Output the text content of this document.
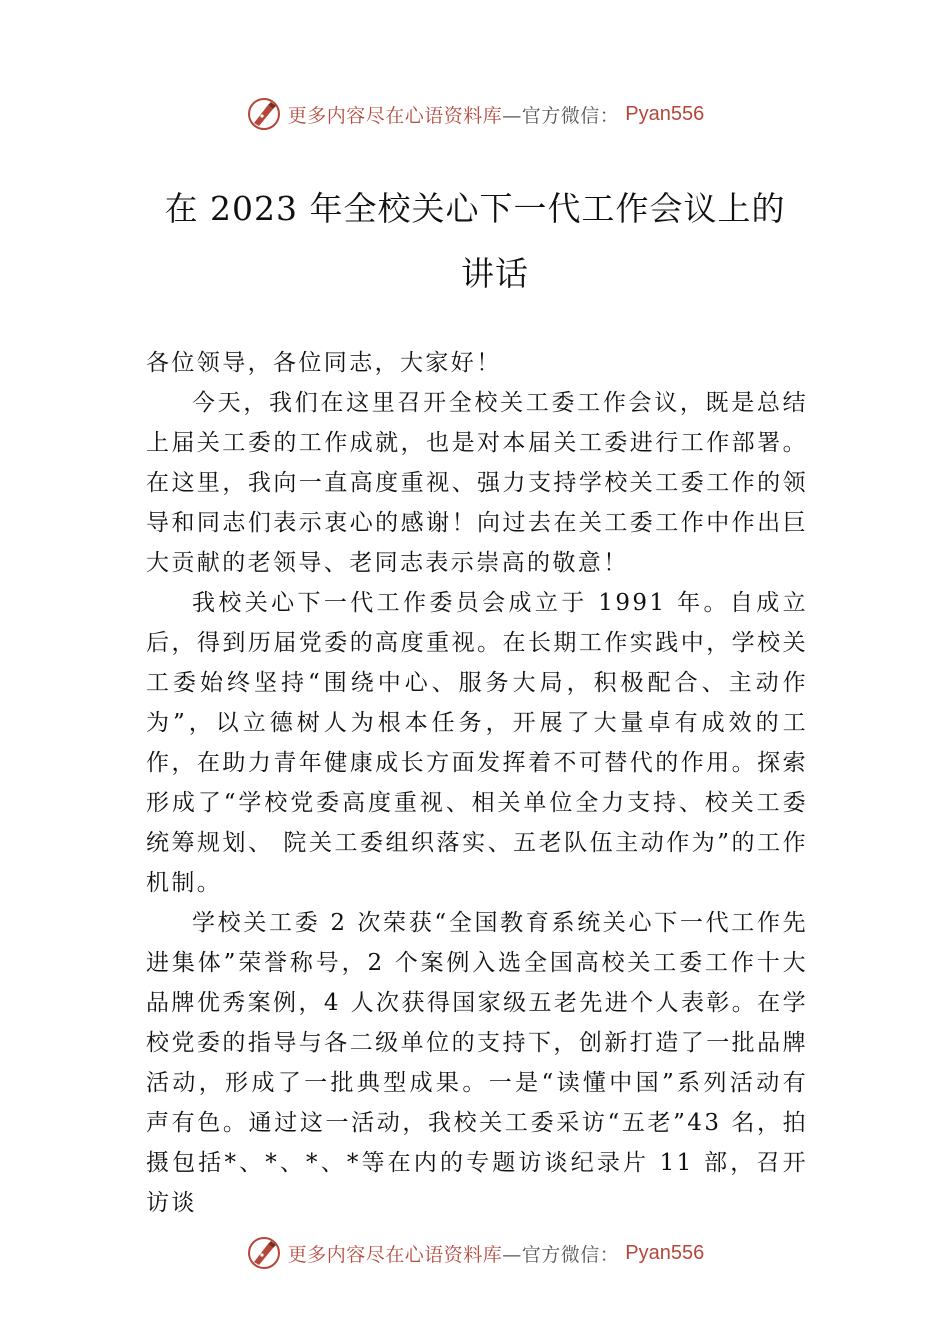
更多内容尽在心语资料库—官方微信： Pyan556
在 2023 年全校关心下一代工作会议上的
讲话

各位领导，各位同志，大家好！

今天，我们在这里召开全校关工委工作会议，既是总结上届关工委的工作成就，也是对本届关工委进行工作部署。 在这里，我向一直高度重视、强力支持学校关工委工作的领导和同志们表示衷心的感谢！向过去在关工委工作中作出巨大贡献的老领导、老同志表示崇高的敬意！

我校关心下一代工作委员会成立于 1991 年。自成立后，得到历届党委的高度重视。在长期工作实践中，学校关工委始终坚持“围绕中心、服务大局，积极配合、主动作为”，以立德树人为根本任务，开展了大量卓有成效的工作，在助力青年健康成长方面发挥着不可替代的作用。探索形成了“学校党委高度重视、相关单位全力支持、校关工委统筹规划、 院关工委组织落实、五老队伍主动作为”的工作机制。

学校关工委 2 次荣获“全国教育系统关心下一代工作先进集体”荣誉称号，2 个案例入选全国高校关工委工作十大品牌优秀案例，4 人次获得国家级五老先进个人表彰。在学校党委的指导与各二级单位的支持下，创新打造了一批品牌活动，形成了一批典型成果。一是“读懂中国”系列活动有声有色。通过这一活动，我校关工委采访“五老”43 名，拍摄包括*、*、*、*等在内的专题访谈纪录片 11 部，召开访谈

更多内容尽在心语资料库—官方微信： Pyan556
